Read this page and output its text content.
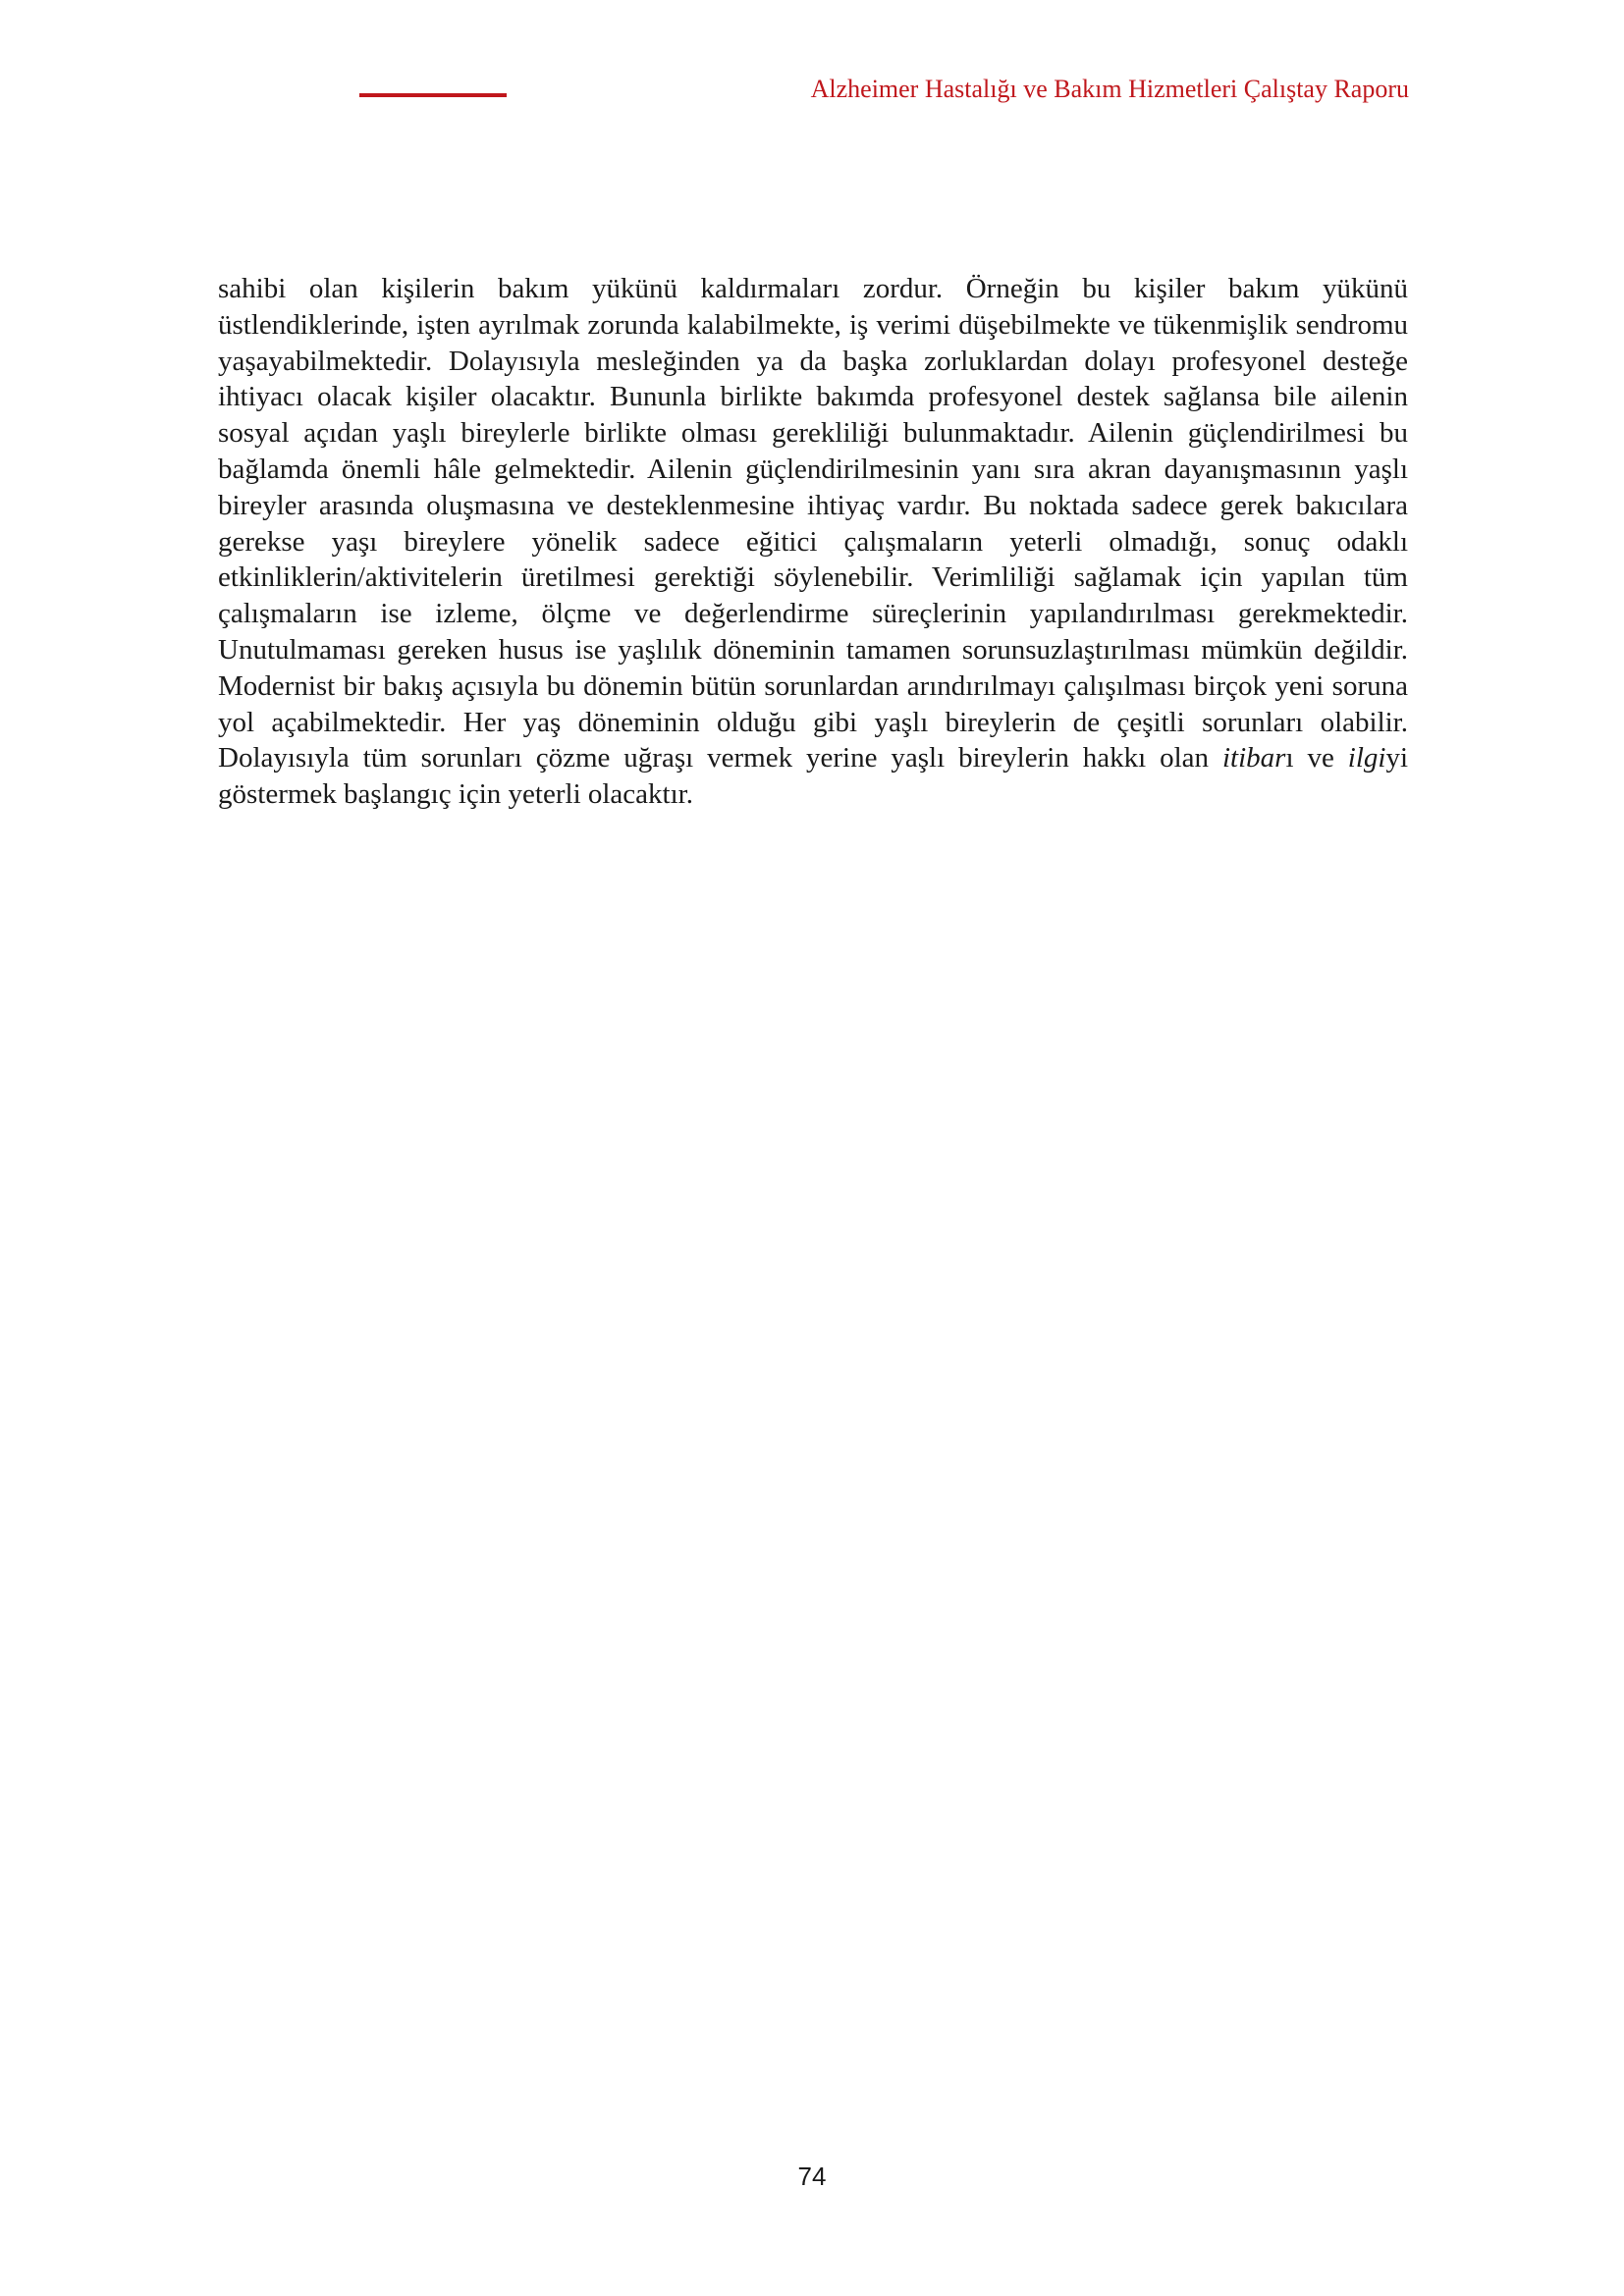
Alzheimer Hastalığı ve Bakım Hizmetleri Çalıştay Raporu

sahibi olan kişilerin bakım yükünü kaldırmaları zordur. Örneğin bu kişiler bakım yükünü üstlendiklerinde, işten ayrılmak zorunda kalabilmekte, iş verimi düşebilmekte ve tükenmişlik sendromu yaşayabilmektedir. Dolayısıyla mesleğinden ya da başka zorluklardan dolayı profesyonel desteğe ihtiyacı olacak kişiler olacaktır. Bununla birlikte bakımda profesyonel destek sağlansa bile ailenin sosyal açıdan yaşlı bireylerle birlikte olması gerekliliği bulunmaktadır. Ailenin güçlendirilmesi bu bağlamda önemli hâle gelmektedir. Ailenin güçlendirilmesinin yanı sıra akran dayanışmasının yaşlı bireyler arasında oluşmasına ve desteklenmesine ihtiyaç vardır. Bu noktada sadece gerek bakıcılara gerekse yaşı bireylere yönelik sadece eğitici çalışmaların yeterli olmadığı, sonuç odaklı etkinliklerin/aktivitelerin üretilmesi gerektiği söylenebilir. Verimliliği sağlamak için yapılan tüm çalışmaların ise izleme, ölçme ve değerlendirme süreçlerinin yapılandırılması gerekmektedir. Unutulmaması gereken husus ise yaşlılık döneminin tamamen sorunsuzlaştırılması mümkün değildir. Modernist bir bakış açısıyla bu dönemin bütün sorunlardan arındırılmayı çalışılması birçok yeni soruna yol açabilmektedir. Her yaş döneminin olduğu gibi yaşlı bireylerin de çeşitli sorunları olabilir. Dolayısıyla tüm sorunları çözme uğraşı vermek yerine yaşlı bireylerin hakkı olan itibarı ve ilgiyi göstermek başlangıç için yeterli olacaktır.

74
